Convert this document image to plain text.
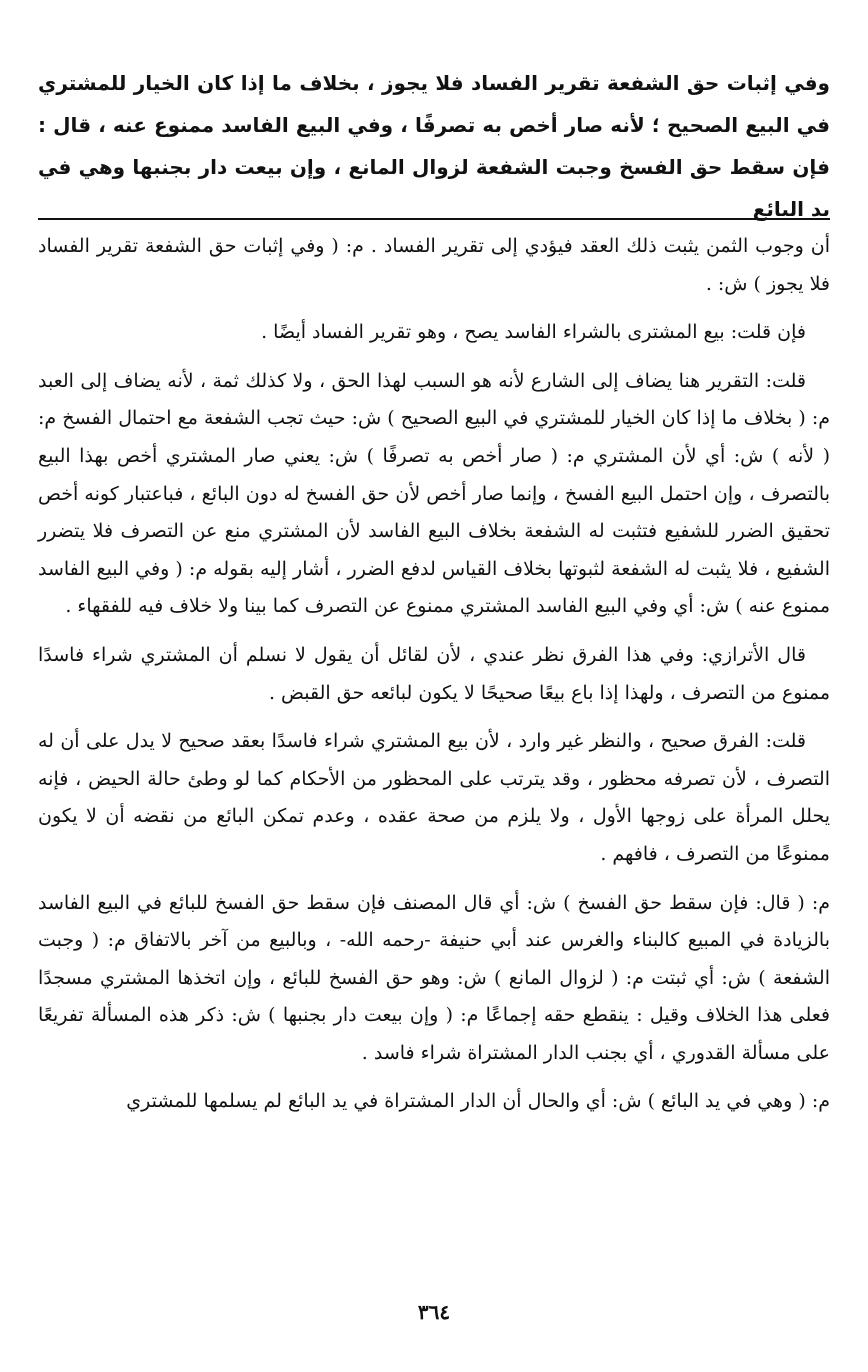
وفي إثبات حق الشفعة تقرير الفساد فلا يجوز ، بخلاف ما إذا كان الخيار للمشتري في البيع الصحيح ؛ لأنه صار أخص به تصرفًا ، وفي البيع الفاسد ممنوع عنه ، قال : فإن سقط حق الفسخ وجبت الشفعة لزوال المانع ، وإن بيعت دار بجنبها وهي في يد البائع

أن وجوب الثمن يثبت ذلك العقد فيؤدي إلى تقرير الفساد . م: ( وفي إثبات حق الشفعة تقرير الفساد فلا يجوز ) ش: .

فإن قلت: بيع المشترى بالشراء الفاسد يصح ، وهو تقرير الفساد أيضًا .

قلت: التقرير هنا يضاف إلى الشارع لأنه هو السبب لهذا الحق ، ولا كذلك ثمة ، لأنه يضاف إلى العبد م: ( بخلاف ما إذا كان الخيار للمشتري في البيع الصحيح ) ش: حيث تجب الشفعة مع احتمال الفسخ م: ( لأنه ) ش: أي لأن المشتري م: ( صار أخص به تصرفًا ) ش: يعني صار المشتري أخص بهذا البيع بالتصرف ، وإن احتمل البيع الفسخ ، وإنما صار أخص لأن حق الفسخ له دون البائع ، فباعتبار كونه أخص تحقيق الضرر للشفيع فتثبت له الشفعة بخلاف البيع الفاسد لأن المشتري منع عن التصرف فلا يتضرر الشفيع ، فلا يثبت له الشفعة لثبوتها بخلاف القياس لدفع الضرر ، أشار إليه بقوله م: ( وفي البيع الفاسد ممنوع عنه ) ش: أي وفي البيع الفاسد المشتري ممنوع عن التصرف كما بينا ولا خلاف فيه للفقهاء .

قال الأترازي: وفي هذا الفرق نظر عندي ، لأن لقائل أن يقول لا نسلم أن المشتري شراء فاسدًا ممنوع من التصرف ، ولهذا إذا باع بيعًا صحيحًا لا يكون لبائعه حق القبض .

قلت: الفرق صحيح ، والنظر غير وارد ، لأن بيع المشتري شراء فاسدًا بعقد صحيح لا يدل على أن له التصرف ، لأن تصرفه محظور ، وقد يترتب على المحظور من الأحكام كما لو وطئ حالة الحيض ، فإنه يحلل المرأة على زوجها الأول ، ولا يلزم من صحة عقده ، وعدم تمكن البائع من نقضه أن لا يكون ممنوعًا من التصرف ، فافهم .

م: ( قال: فإن سقط حق الفسخ ) ش: أي قال المصنف فإن سقط حق الفسخ للبائع في البيع الفاسد بالزيادة في المبيع كالبناء والغرس عند أبي حنيفة -رحمه الله- ، وبالبيع من آخر بالاتفاق م: ( وجبت الشفعة ) ش: أي ثبتت م: ( لزوال المانع ) ش: وهو حق الفسخ للبائع ، وإن اتخذها المشتري مسجدًا فعلى هذا الخلاف وقيل : ينقطع حقه إجماعًا م: ( وإن بيعت دار بجنبها ) ش: ذكر هذه المسألة تفريعًا على مسألة القدوري ، أي بجنب الدار المشتراة شراء فاسد .

م: ( وهي في يد البائع ) ش: أي والحال أن الدار المشتراة في يد البائع لم يسلمها للمشتري

٣٦٤
